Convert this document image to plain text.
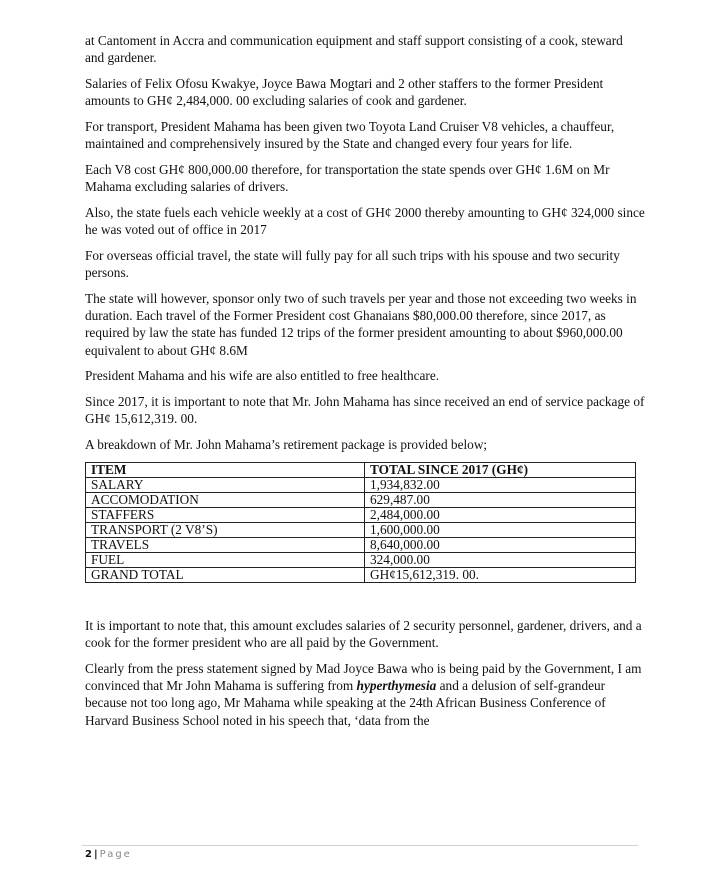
at Cantoment in Accra and communication equipment and staff support consisting of a cook, steward and gardener.

Salaries of Felix Ofosu Kwakye, Joyce Bawa Mogtari and 2 other staffers to the former President amounts to GH¢ 2,484,000. 00 excluding salaries of cook and gardener.

For transport, President Mahama has been given two Toyota Land Cruiser V8 vehicles, a chauffeur, maintained and comprehensively insured by the State and changed every four years for life.

Each V8 cost GH¢ 800,000.00 therefore, for transportation the state spends over GH¢ 1.6M on Mr Mahama excluding salaries of drivers.

Also, the state fuels each vehicle weekly at a cost of GH¢ 2000 thereby amounting to GH¢ 324,000 since he was voted out of office in 2017

For overseas official travel, the state will fully pay for all such trips with his spouse and two security persons.

The state will however, sponsor only two of such travels per year and those not exceeding two weeks in duration. Each travel of the Former President cost Ghanaians $80,000.00 therefore, since 2017, as required by law the state has funded 12 trips of the former president amounting to about $960,000.00 equivalent to about GH¢ 8.6M

President Mahama and his wife are also entitled to free healthcare.

Since 2017, it is important to note that Mr. John Mahama has since received an end of service package of GH¢ 15,612,319. 00.

A breakdown of Mr. John Mahama’s retirement package is provided below;

ITEM	TOTAL SINCE 2017 (GH¢)
SALARY	1,934,832.00
ACCOMODATION	629,487.00
STAFFERS	2,484,000.00
TRANSPORT (2 V8’S)	1,600,000.00
TRAVELS	8,640,000.00
FUEL	324,000.00
GRAND TOTAL	GH¢15,612,319. 00.

It is important to note that, this amount excludes salaries of 2 security personnel, gardener, drivers, and a cook for the former president who are all paid by the Government.

Clearly from the press statement signed by Mad Joyce Bawa who is being paid by the Government, I am convinced that Mr John Mahama is suffering from hyperthymesia and a delusion of self-grandeur because not too long ago, Mr Mahama while speaking at the 24th African Business Conference of Harvard Business School noted in his speech that, ‘data from the

2 | Page
